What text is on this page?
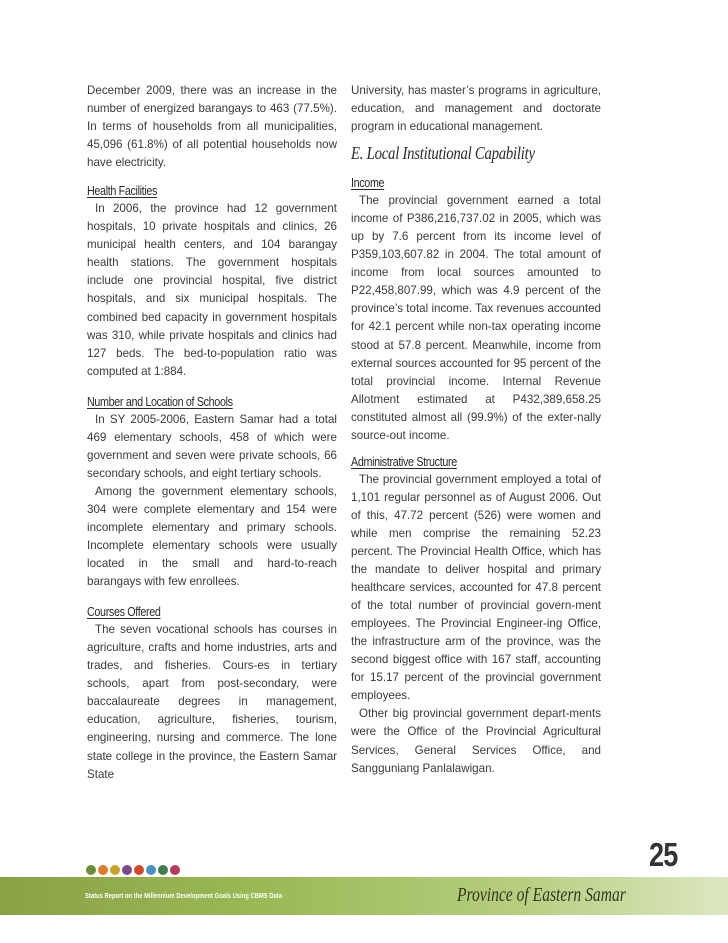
December 2009, there was an increase in the number of energized barangays to 463 (77.5%). In terms of households from all municipalities, 45,096 (61.8%) of all potential households now have electricity.

Health Facilities

In 2006, the province had 12 government hospitals, 10 private hospitals and clinics, 26 municipal health centers, and 104 barangay health stations. The government hospitals include one provincial hospital, five district hospitals, and six municipal hospitals. The combined bed capacity in government hospitals was 310, while private hospitals and clinics had 127 beds. The bed-to-population ratio was computed at 1:884.

Number and Location of Schools

In SY 2005-2006, Eastern Samar had a total 469 elementary schools, 458 of which were government and seven were private schools, 66 secondary schools, and eight tertiary schools.

Among the government elementary schools, 304 were complete elementary and 154 were incomplete elementary and primary schools. Incomplete elementary schools were usually located in the small and hard-to-reach barangays with few enrollees.

Courses Offered

The seven vocational schools has courses in agriculture, crafts and home industries, arts and trades, and fisheries. Cours-es in tertiary schools, apart from post-secondary, were baccalaureate degrees in management, education, agriculture, fisheries, tourism, engineering, nursing and commerce. The lone state college in the province, the Eastern Samar State

University, has master’s programs in agriculture, education, and management and doctorate program in educational management.

E. Local Institutional Capability
Income

The provincial government earned a total income of P386,216,737.02 in 2005, which was up by 7.6 percent from its income level of P359,103,607.82 in 2004. The total amount of income from local sources amounted to P22,458,807.99, which was 4.9 percent of the province’s total income. Tax revenues accounted for 42.1 percent while non-tax operating income stood at 57.8 percent. Meanwhile, income from external sources accounted for 95 percent of the total provincial income. Internal Revenue Allotment estimated at P432,389,658.25 constituted almost all (99.9%) of the exter-nally source-out income.

Administrative Structure

The provincial government employed a total of 1,101 regular personnel as of August 2006. Out of this, 47.72 percent (526) were women and while men comprise the remaining 52.23 percent. The Provincial Health Office, which has the mandate to deliver hospital and primary healthcare services, accounted for 47.8 percent of the total number of provincial govern-ment employees. The Provincial Engineer-ing Office, the infrastructure arm of the province, was the second biggest office with 167 staff, accounting for 15.17 percent of the provincial government employees.

Other big provincial government depart-ments were the Office of the Provincial Agricultural Services, General Services Office, and Sangguniang Panlalawigan.

25
Status Report on the Millennium Development Goals Using CBMS Data	Province of Eastern Samar
